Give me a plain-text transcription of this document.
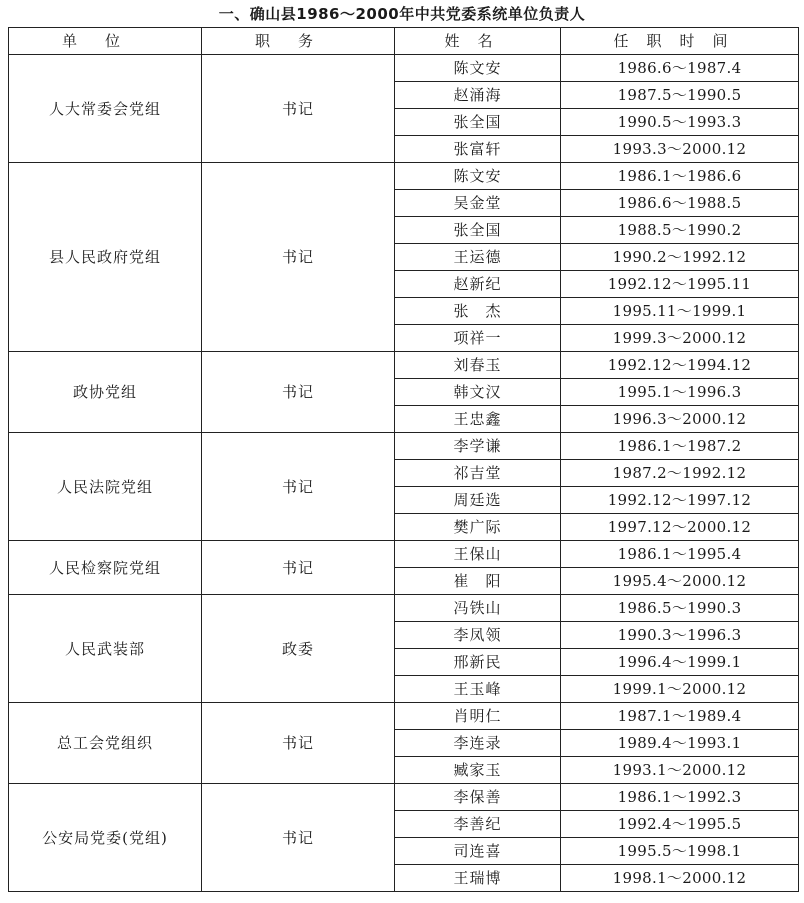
一、确山县1986～2000年中共党委系统单位负责人
单位	职务	姓名	任职时间
人大常委会党组	书记	陈文安	1986.6～1987.4
		赵涌海	1987.5～1990.5
		张全国	1990.5～1993.3
		张富轩	1993.3～2000.12
县人民政府党组	书记	陈文安	1986.1～1986.6
		吴金堂	1986.6～1988.5
		张全国	1988.5～1990.2
		王运德	1990.2～1992.12
		赵新纪	1992.12～1995.11
		张　杰	1995.11～1999.1
		项祥一	1999.3～2000.12
政协党组	书记	刘春玉	1992.12～1994.12
		韩文汉	1995.1～1996.3
		王忠鑫	1996.3～2000.12
人民法院党组	书记	李学谦	1986.1～1987.2
		祁吉堂	1987.2～1992.12
		周廷选	1992.12～1997.12
		樊广际	1997.12～2000.12
人民检察院党组	书记	王保山	1986.1～1995.4
		崔　阳	1995.4～2000.12
人民武装部	政委	冯铁山	1986.5～1990.3
		李凤领	1990.3～1996.3
		邢新民	1996.4～1999.1
		王玉峰	1999.1～2000.12
总工会党组织	书记	肖明仁	1987.1～1989.4
		李连录	1989.4～1993.1
		臧家玉	1993.1～2000.12
公安局党委(党组)	书记	李保善	1986.1～1992.3
		李善纪	1992.4～1995.5
		司连喜	1995.5～1998.1
		王瑞博	1998.1～2000.12
